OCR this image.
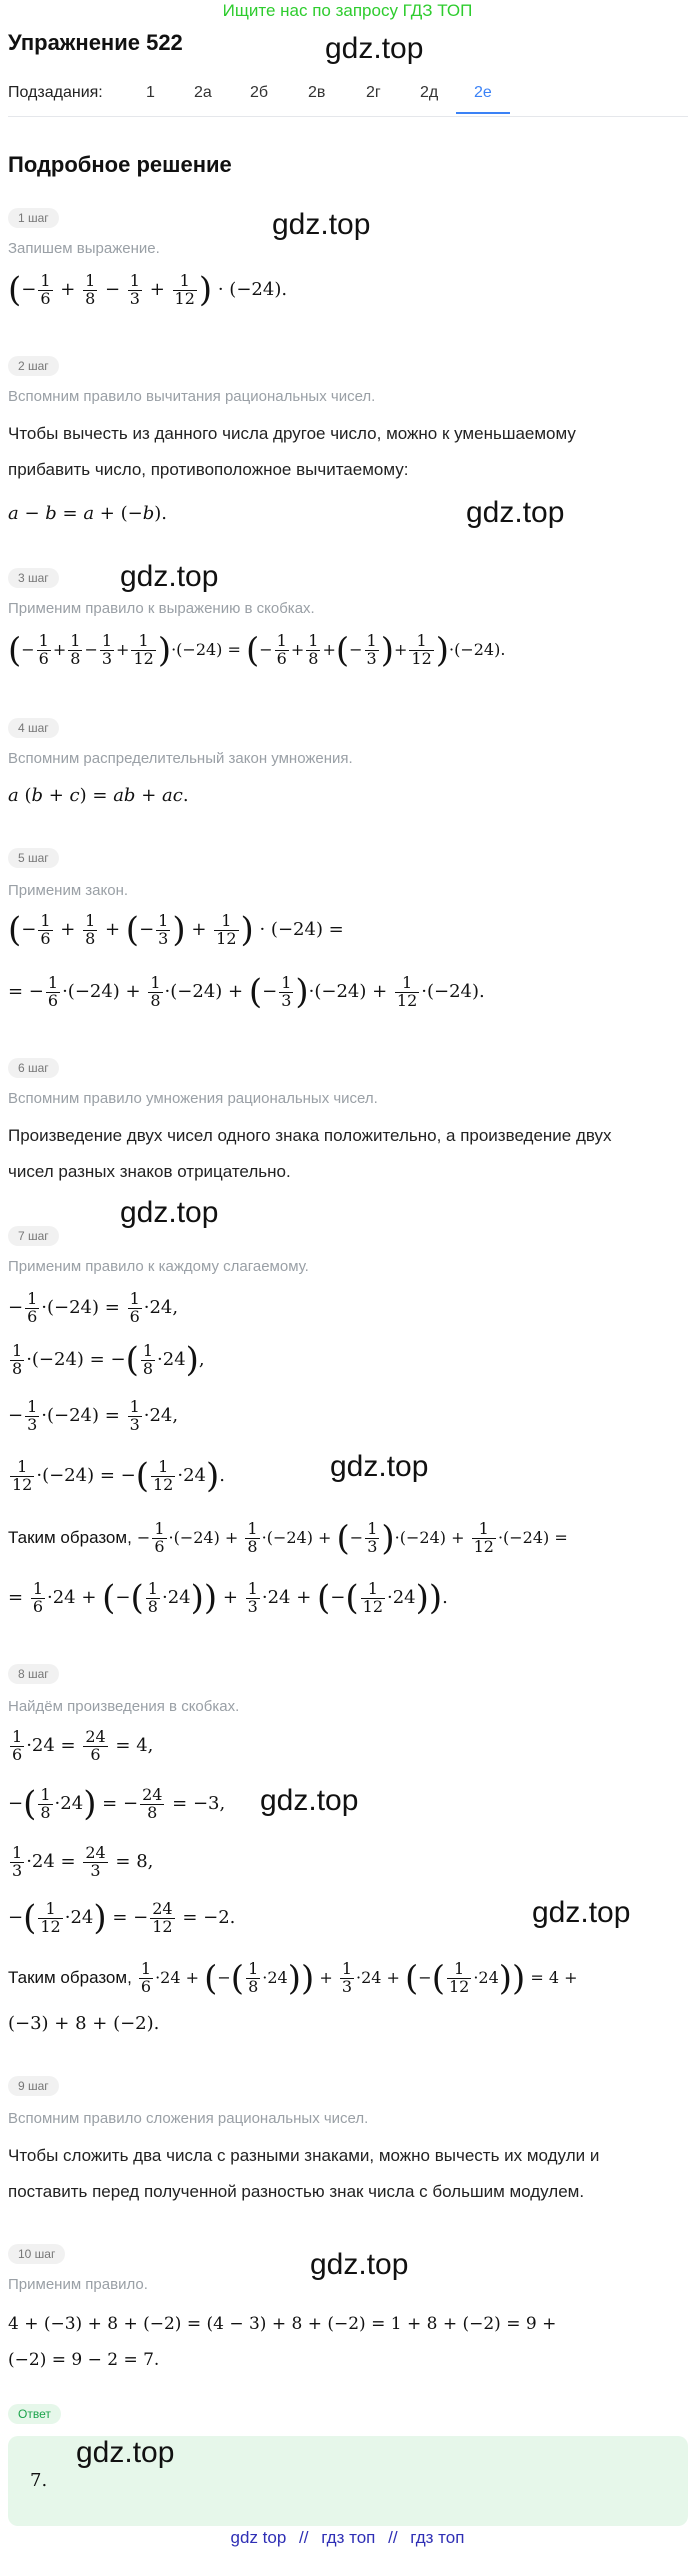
Ищите нас по запросу ГДЗ ТОП
Упражнение 522	gdz.top
Подзадания:	1 2а 2б 2в	2г 2д 2е
Подробное решение
1 шаг	gdz.top
Запишем выражение.
(− $\frac{1}{6} + \frac{1}{8} - \frac{1}{3} + \frac{1}{12}$ ) · (−24).
2 шаг
Вспомним правило вычитания рациональных чисел.
Чтобы вычесть из данного числа другое число, можно к уменьшаемому
прибавить число, противоположное вычитаемому:
a − b = a + (−b).	gdz.top
3 шаг	gdz.top
Применим правило к выражению в скобках.
(− $\frac{1}{6} + \frac{1}{8} - \frac{1}{3} + \frac{1}{12} )\cdot(-24)$ = (− $\frac{1}{6} + \frac{1}{8}$ +(− $\frac{1}{3}$ )+ $\frac{1}{12} )\cdot(-24)$.
4 шаг
Вспомним распределительный закон умножения.
a (b + c) = ab + ac.
5 шаг
Применим закон.
(− $\frac{1}{6} + \frac{1}{8}$ + (− $\frac{1}{3}$ ) + $\frac{1}{12}$ ) · (−24) =
= − $\frac{1}{6} \cdot(-24) + \frac{1}{8} \cdot(-24)$ + (− $\frac{1}{3} )\cdot(-24) + \frac{1}{12} \cdot(-24)$.
6 шаг
Вспомним правило умножения рациональных чисел.
Произведение двух чисел одного знака положительно, а произведение двух
чисел разных знаков отрицательно.
gdz.top
7 шаг
Применим правило к каждому слагаемому.
− $\frac{1}{6} \cdot(-24) = \frac{1}{6} \cdot 24$,
$\frac{1}{8} \cdot(-24)$ = −( $\frac{1}{8} \cdot 24$),
− $\frac{1}{3} \cdot(-24) = \frac{1}{3} \cdot 24$,
$\frac{1}{12} \cdot(-24)$ = −( $\frac{1}{12} \cdot 24$).	gdz.top
Таким образом, − $\frac{1}{6} \cdot(-24) + \frac{1}{8} \cdot(-24)$ + (− $\frac{1}{3} )\cdot(-24) + \frac{1}{12} \cdot(-24)$ =
= $\frac{1}{6} \cdot 24$ + (−( $\frac{1}{8} \cdot 24)) + \frac{1}{3} \cdot 24$ + (−( $\frac{1}{12} \cdot 24$)).
8 шаг
Найдём произведения в скобках.
$\frac{1}{6} \cdot 24 = \frac{24}{6} = 4$,
−( $\frac{1}{8} \cdot 24$) = − $\frac{24}{8} = -3$, gdz.top
$\frac{1}{3} \cdot 24 = \frac{24}{3} = 8$,
−( $\frac{1}{12} \cdot 24$) = − $\frac{24}{12} = -2$.	gdz.top
Таким образом, $\frac{1}{6} \cdot 24$ + (−( $\frac{1}{8} \cdot 24)) + \frac{1}{3} \cdot 24$ + (−( $\frac{1}{12} \cdot 24)) = 4$ +
(−3) + 8 + (−2).
9 шаг
Вспомним правило сложения рациональных чисел.
Чтобы сложить два числа с разными знаками, можно вычесть их модули и
поставить перед полученной разностью знак числа с большим модулем.
10 шаг	gdz.top
Применим правило.
4 + (−3) + 8 + (−2) = (4 − 3) + 8 + (−2) = 1 + 8 + (−2) = 9 +
(−2) = 9 − 2 = 7.
Ответ
gdz.top
7.
gdz top // гдз топ // гдз топ
